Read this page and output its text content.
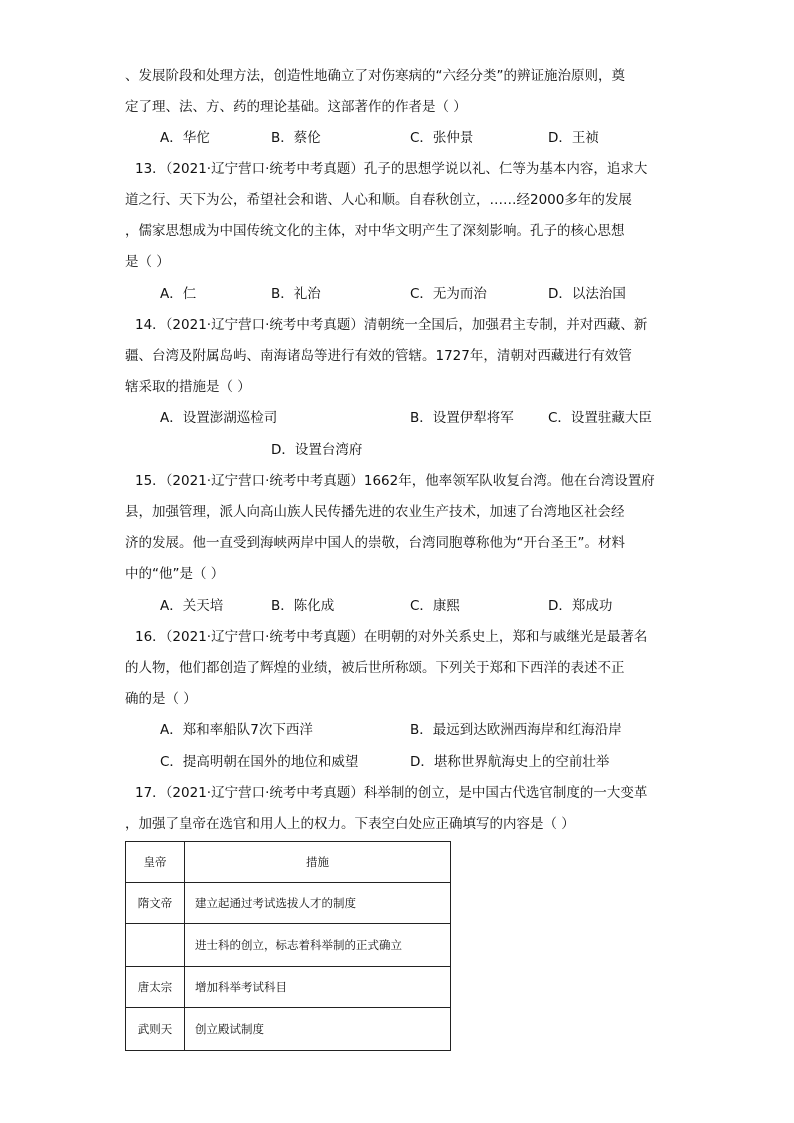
、发展阶段和处理方法，创造性地确立了对伤寒病的“六经分类”的辨证施治原则，奠
定了理、法、方、药的理论基础。这部著作的作者是（ ）
A．华佗	B．蔡伦	C．张仲景	D．王祯
13．（2021·辽宁营口·统考中考真题）孔子的思想学说以礼、仁等为基本内容，追求大
道之行、天下为公，希望社会和谐、人心和顺。自春秋创立，……经2000多年的发展
，儒家思想成为中国传统文化的主体，对中华文明产生了深刻影响。孔子的核心思想
是（ ）
A．仁	B．礼治	C．无为而治	D．以法治国
14．（2021·辽宁营口·统考中考真题）清朝统一全国后，加强君主专制，并对西藏、新
疆、台湾及附属岛屿、南海诸岛等进行有效的管辖。1727年，清朝对西藏进行有效管
辖采取的措施是（ ）
A．设置澎湖巡检司	B．设置伊犁将军	C．设置驻藏大臣
D．设置台湾府
15．（2021·辽宁营口·统考中考真题）1662年，他率领军队收复台湾。他在台湾设置府
县，加强管理，派人向高山族人民传播先进的农业生产技术，加速了台湾地区社会经
济的发展。他一直受到海峡两岸中国人的崇敬，台湾同胞尊称他为“开台圣王”。材料
中的“他”是（ ）
A．关天培	B．陈化成	C．康熙	D．郑成功
16．（2021·辽宁营口·统考中考真题）在明朝的对外关系史上，郑和与戚继光是最著名
的人物，他们都创造了辉煌的业绩，被后世所称颂。下列关于郑和下西洋的表述不正
确的是（ ）
A．郑和率船队7次下西洋	B．最远到达欧洲西海岸和红海沿岸
C．提高明朝在国外的地位和威望	D．堪称世界航海史上的空前壮举
17．（2021·辽宁营口·统考中考真题）科举制的创立，是中国古代选官制度的一大变革
，加强了皇帝在选官和用人上的权力。下表空白处应正确填写的内容是（ ）
皇帝	措施
隋文帝	建立起通过考试选拔人才的制度
	进士科的创立，标志着科举制的正式确立
唐太宗	增加科举考试科目
武则天	创立殿试制度
